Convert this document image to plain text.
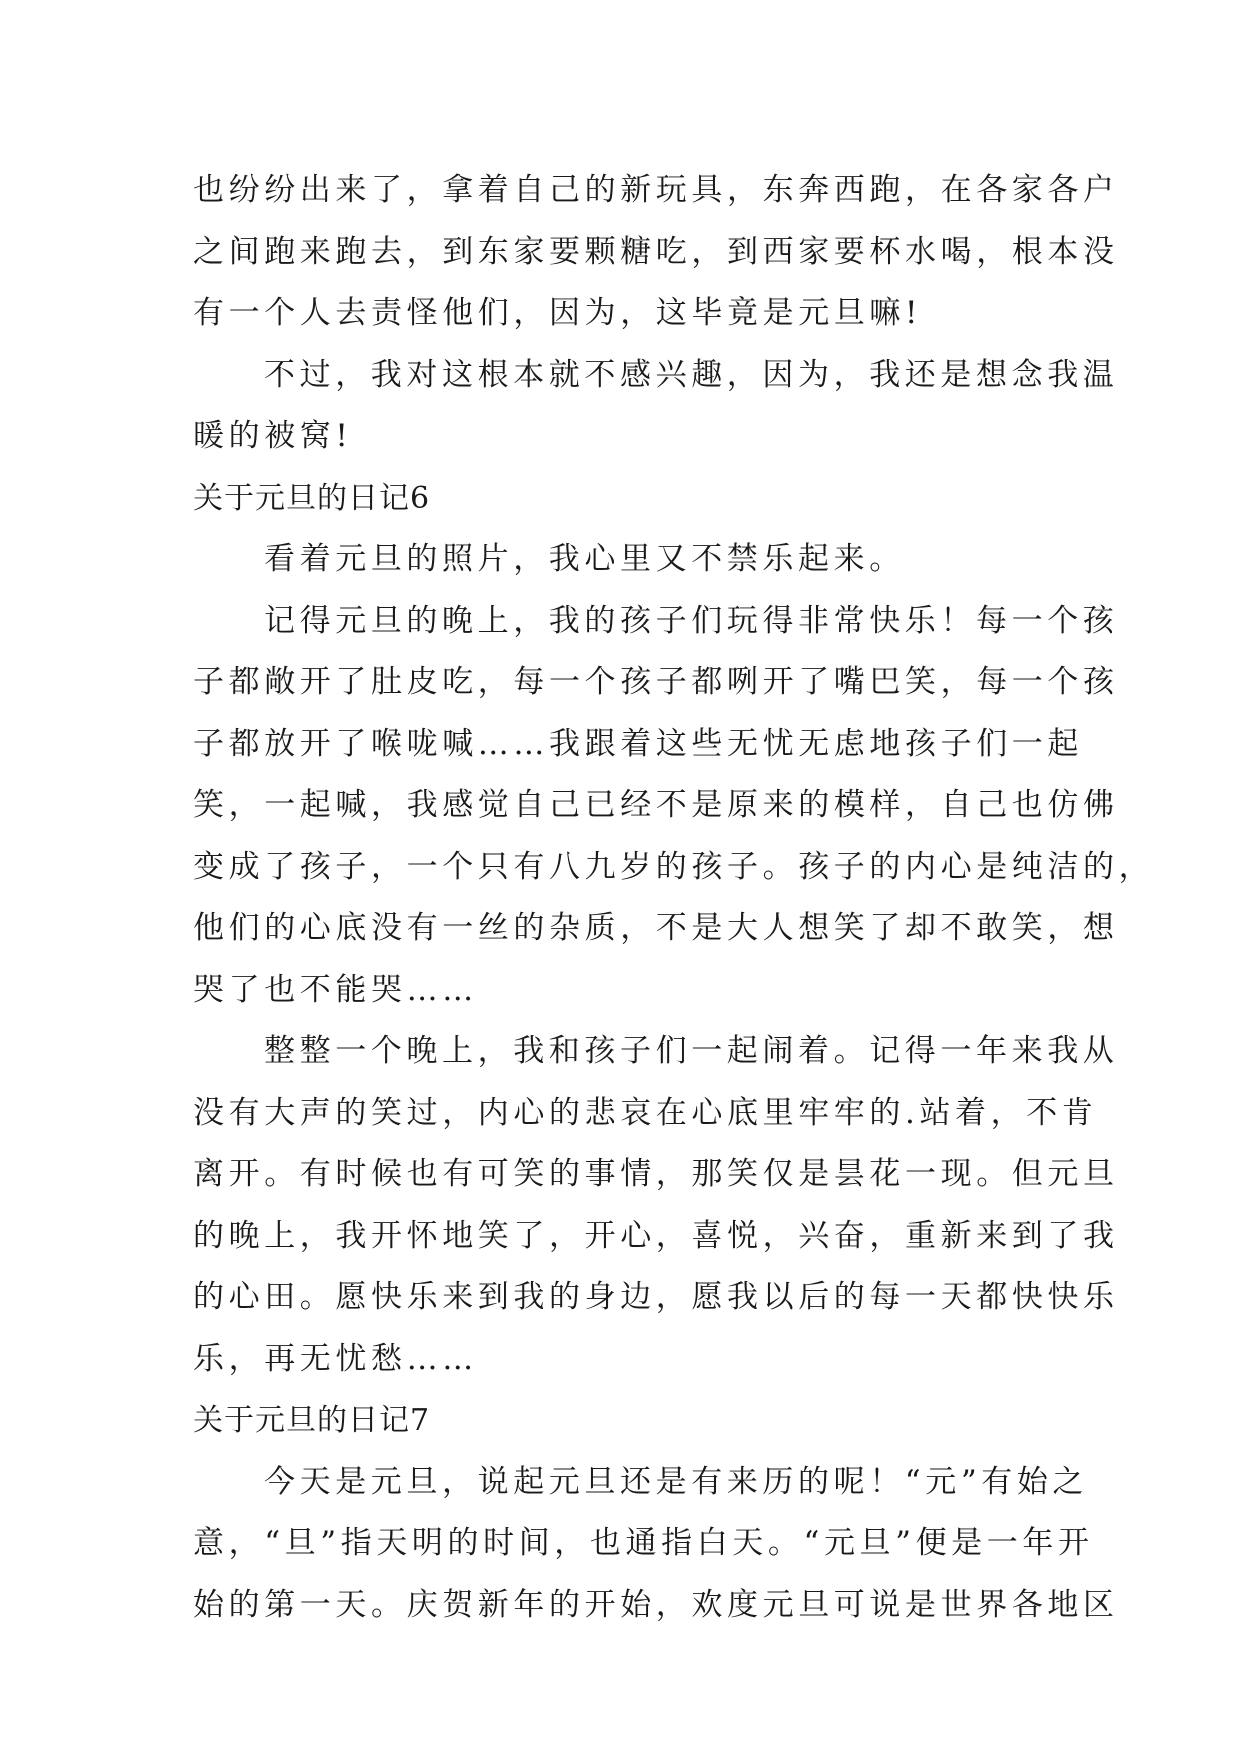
也纷纷出来了，拿着自己的新玩具，东奔西跑，在各家各户
之间跑来跑去，到东家要颗糖吃，到西家要杯水喝，根本没
有一个人去责怪他们，因为，这毕竟是元旦嘛!
不过，我对这根本就不感兴趣，因为，我还是想念我温
暖的被窝!
关于元旦的日记6
看着元旦的照片，我心里又不禁乐起来。
记得元旦的晚上，我的孩子们玩得非常快乐！每一个孩
子都敞开了肚皮吃，每一个孩子都咧开了嘴巴笑，每一个孩
子都放开了喉咙喊……我跟着这些无忧无虑地孩子们一起
笑，一起喊，我感觉自己已经不是原来的模样，自己也仿佛
变成了孩子，一个只有八九岁的孩子。孩子的内心是纯洁的，
他们的心底没有一丝的杂质，不是大人想笑了却不敢笑，想
哭了也不能哭……
整整一个晚上，我和孩子们一起闹着。记得一年来我从
没有大声的笑过，内心的悲哀在心底里牢牢的.站着，不肯
离开。有时候也有可笑的事情，那笑仅是昙花一现。但元旦
的晚上，我开怀地笑了，开心，喜悦，兴奋，重新来到了我
的心田。愿快乐来到我的身边，愿我以后的每一天都快快乐
乐，再无忧愁……
关于元旦的日记7
今天是元旦，说起元旦还是有来历的呢！“元”有始之
意，“旦”指天明的时间，也通指白天。“元旦”便是一年开
始的第一天。庆贺新年的开始，欢度元旦可说是世界各地区
